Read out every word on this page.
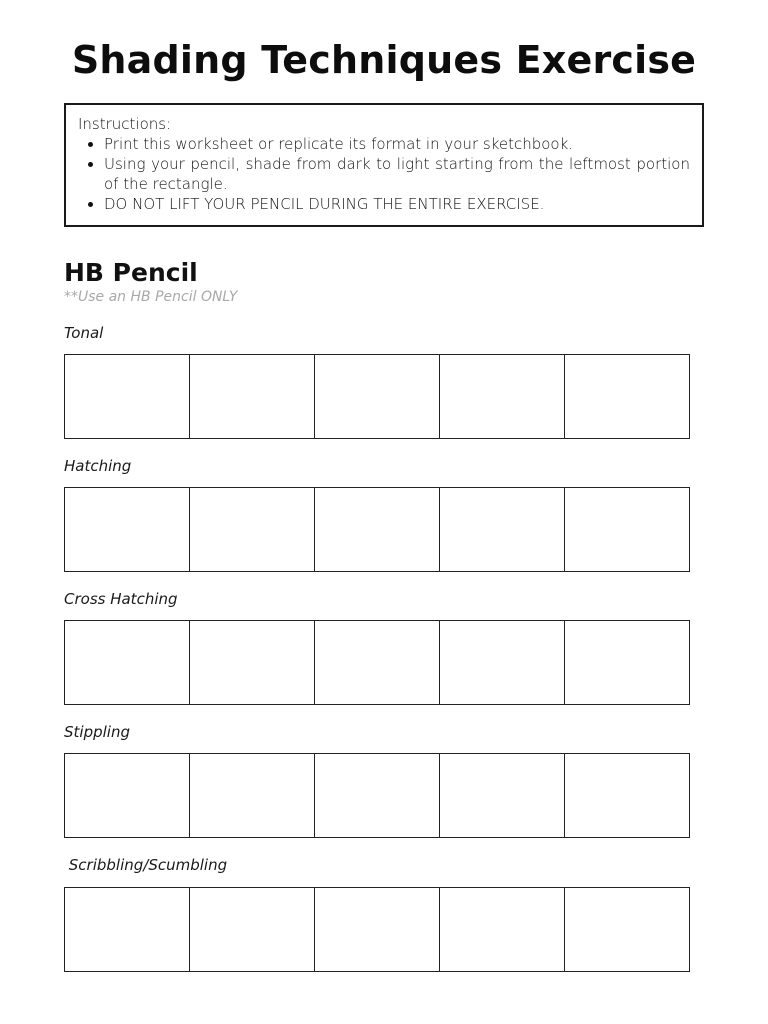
Shading Techniques Exercise
Instructions:
• Print this worksheet or replicate its format in your sketchbook.
• Using your pencil, shade from dark to light starting from the leftmost portion of the rectangle.
• DO NOT LIFT YOUR PENCIL DURING THE ENTIRE EXERCISE.
HB Pencil
**Use an HB Pencil ONLY
Tonal
Hatching
Cross Hatching
Stippling
Scribbling/Scumbling
